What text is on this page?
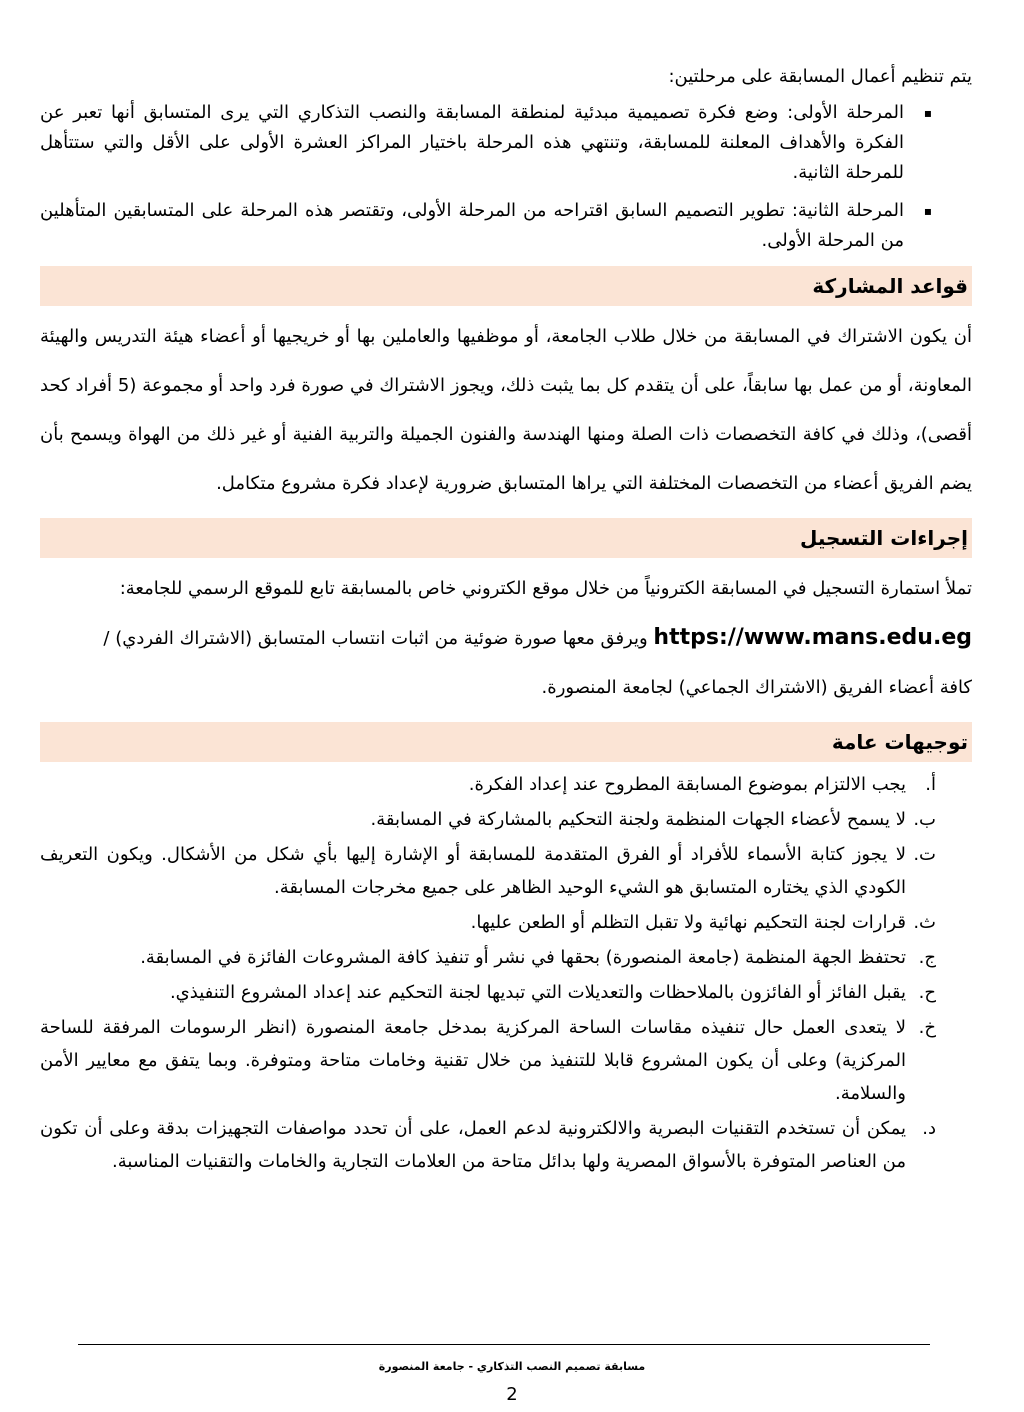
يتم تنظيم أعمال المسابقة على مرحلتين:

▪
المرحلة الأولى: وضع فكرة تصميمية مبدئية لمنطقة المسابقة والنصب التذكاري التي يرى المتسابق أنها تعبر عن الفكرة والأهداف المعلنة للمسابقة، وتنتهي هذه المرحلة باختيار المراكز العشرة الأولى على الأقل والتي ستتأهل للمرحلة الثانية.
▪
المرحلة الثانية: تطوير التصميم السابق اقتراحه من المرحلة الأولى، وتقتصر هذه المرحلة على المتسابقين المتأهلين من المرحلة الأولى.
قواعد المشاركة

أن يكون الاشتراك في المسابقة من خلال طلاب الجامعة، أو موظفيها والعاملين بها أو خريجيها أو أعضاء هيئة التدريس والهيئة المعاونة، أو من عمل بها سابقاً، على أن يتقدم كل بما يثبت ذلك، ويجوز الاشتراك في صورة فرد واحد أو مجموعة (5 أفراد كحد أقصى)، وذلك في كافة التخصصات ذات الصلة ومنها الهندسة والفنون الجميلة والتربية الفنية أو غير ذلك من الهواة ويسمح بأن يضم الفريق أعضاء من التخصصات المختلفة التي يراها المتسابق ضرورية لإعداد فكرة مشروع متكامل.

إجراءات التسجيل

تملأ استمارة التسجيل في المسابقة الكترونياً من خلال موقع الكتروني خاص بالمسابقة تابع للموقع الرسمي للجامعة:

https://www.mans.edu.eg ويرفق معها صورة ضوئية من اثبات انتساب المتسابق (الاشتراك الفردي) /

كافة أعضاء الفريق (الاشتراك الجماعي) لجامعة المنصورة.

توجيهات عامة
أ.
يجب الالتزام بموضوع المسابقة المطروح عند إعداد الفكرة.
ب.
لا يسمح لأعضاء الجهات المنظمة ولجنة التحكيم بالمشاركة في المسابقة.
ت.
لا يجوز كتابة الأسماء للأفراد أو الفرق المتقدمة للمسابقة أو الإشارة إليها بأي شكل من الأشكال. ويكون التعريف الكودي الذي يختاره المتسابق هو الشيء الوحيد الظاهر على جميع مخرجات المسابقة.
ث.
قرارات لجنة التحكيم نهائية ولا تقبل التظلم أو الطعن عليها.
ج.
تحتفظ الجهة المنظمة (جامعة المنصورة) بحقها في نشر أو تنفيذ كافة المشروعات الفائزة في المسابقة.
ح.
يقبل الفائز أو الفائزون بالملاحظات والتعديلات التي تبديها لجنة التحكيم عند إعداد المشروع التنفيذي.
خ.
لا يتعدى العمل حال تنفيذه مقاسات الساحة المركزية بمدخل جامعة المنصورة (انظر الرسومات المرفقة للساحة المركزية) وعلى أن يكون المشروع قابلا للتنفيذ من خلال تقنية وخامات متاحة ومتوفرة. وبما يتفق مع معايير الأمن والسلامة.
د.
يمكن أن تستخدم التقنيات البصرية والالكترونية لدعم العمل، على أن تحدد مواصفات التجهيزات بدقة وعلى أن تكون من العناصر المتوفرة بالأسواق المصرية ولها بدائل متاحة من العلامات التجارية والخامات والتقنيات المناسبة.
مسابقة تصميم النصب التذكاري - جامعة المنصورة
2
